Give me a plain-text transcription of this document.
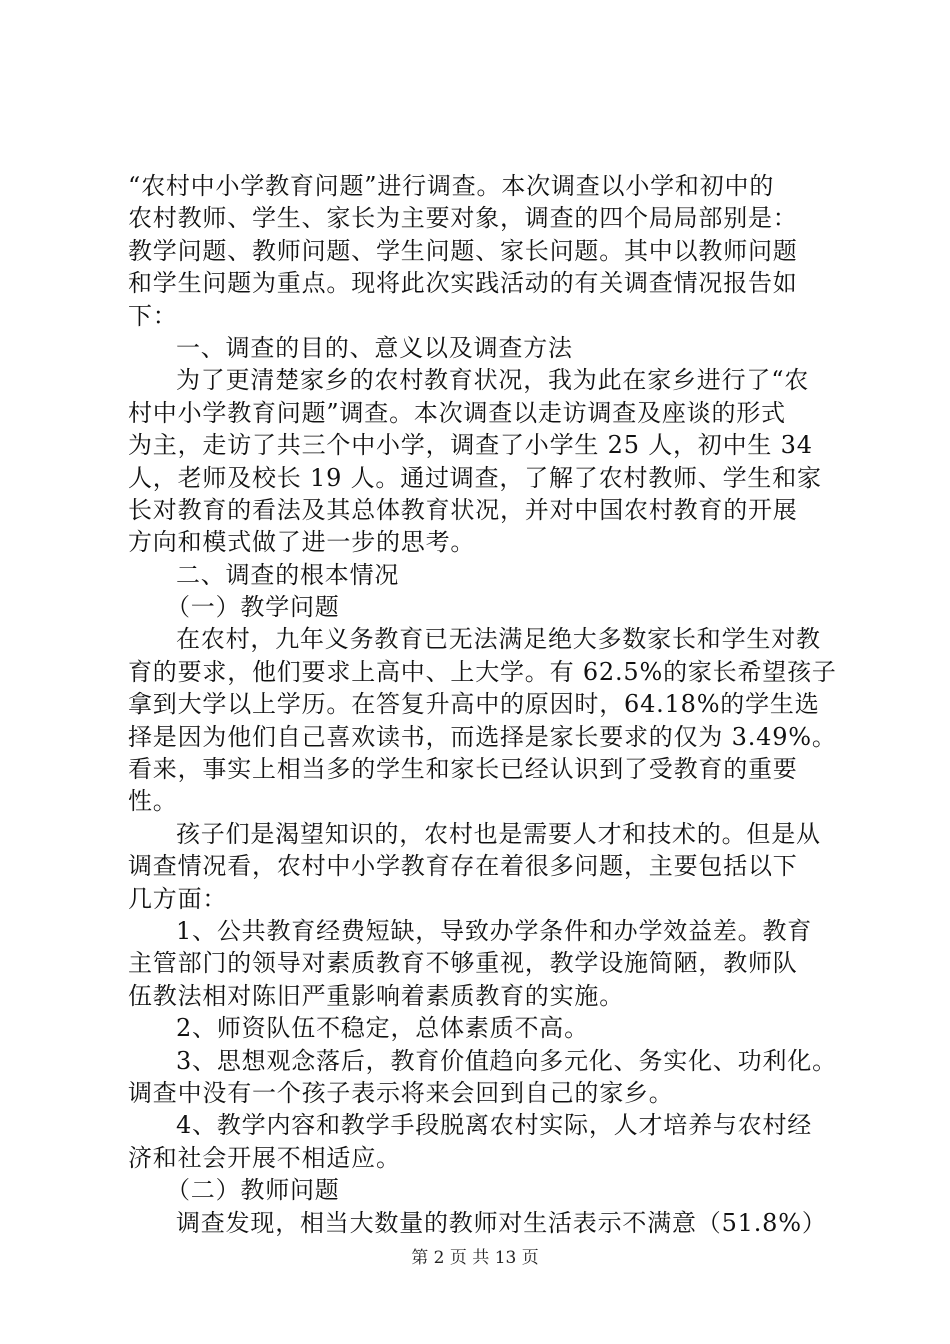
“农村中小学教育问题”进行调查。本次调查以小学和初中的
农村教师、学生、家长为主要对象，调查的四个局局部别是：
教学问题、教师问题、学生问题、家长问题。其中以教师问题
和学生问题为重点。现将此次实践活动的有关调查情况报告如
下：
一、调查的目的、意义以及调查方法
为了更清楚家乡的农村教育状况，我为此在家乡进行了“农
村中小学教育问题”调查。本次调查以走访调查及座谈的形式
为主，走访了共三个中小学，调查了小学生 25 人，初中生 34
人，老师及校长 19 人。通过调查，了解了农村教师、学生和家
长对教育的看法及其总体教育状况，并对中国农村教育的开展
方向和模式做了进一步的思考。
二、调查的根本情况
（一）教学问题
在农村，九年义务教育已无法满足绝大多数家长和学生对教
育的要求，他们要求上高中、上大学。有 62.5%的家长希望孩子
拿到大学以上学历。在答复升高中的原因时，64.18%的学生选
择是因为他们自己喜欢读书，而选择是家长要求的仅为 3.49%。
看来，事实上相当多的学生和家长已经认识到了受教育的重要
性。
孩子们是渴望知识的，农村也是需要人才和技术的。但是从
调查情况看，农村中小学教育存在着很多问题，主要包括以下
几方面：
1、公共教育经费短缺，导致办学条件和办学效益差。教育
主管部门的领导对素质教育不够重视，教学设施简陋，教师队
伍教法相对陈旧严重影响着素质教育的实施。
2、师资队伍不稳定，总体素质不高。
3、思想观念落后，教育价值趋向多元化、务实化、功利化。
调查中没有一个孩子表示将来会回到自己的家乡。
4、教学内容和教学手段脱离农村实际，人才培养与农村经
济和社会开展不相适应。
（二）教师问题
调查发现，相当大数量的教师对生活表示不满意（51.8%）
第 2 页 共 13 页
